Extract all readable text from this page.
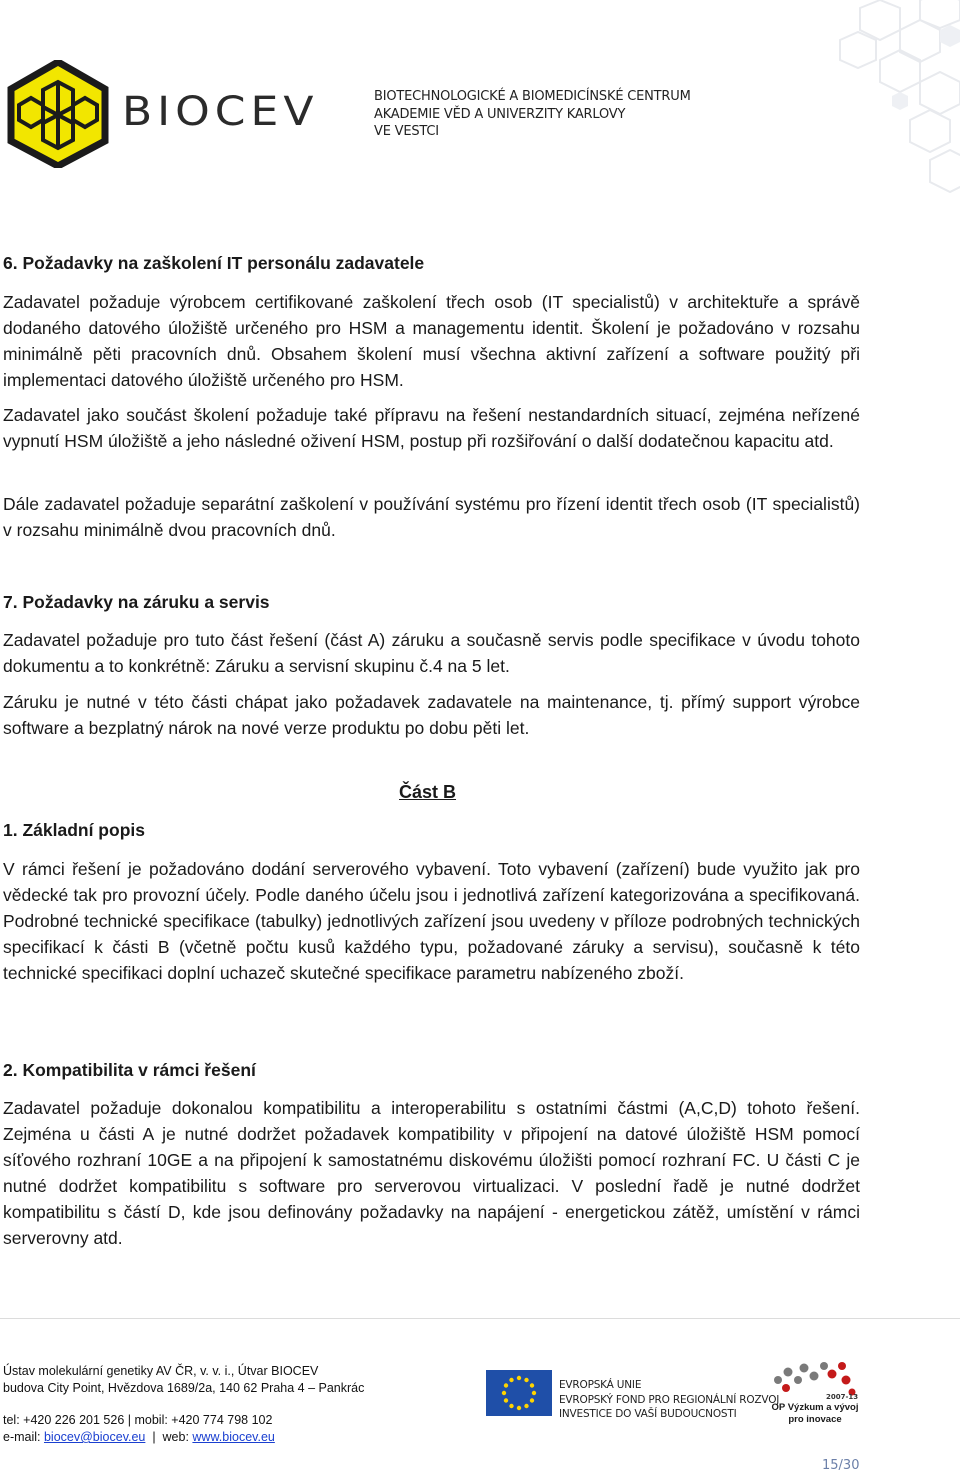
BIOCEV	BIOTECHNOLOGICKÉ A BIOMEDICÍNSKÉ CENTRUM
AKADEMIE VĚD A UNIVERZITY KARLOVY
VE VESTCI
6. Požadavky na zaškolení IT personálu zadavatele

Zadavatel požaduje výrobcem certifikované zaškolení třech osob (IT specialistů) v architektuře a správě dodaného datového úložiště určeného pro HSM a managementu identit. Školení je požadováno v rozsahu minimálně pěti pracovních dnů. Obsahem školení musí všechna aktivní zařízení a software použitý při implementaci datového úložiště určeného pro HSM.

Zadavatel jako součást školení požaduje také přípravu na řešení nestandardních situací, zejména neřízené vypnutí HSM úložiště a jeho následné oživení HSM, postup při rozšiřování o další dodatečnou kapacitu atd.

Dále zadavatel požaduje separátní zaškolení v používání systému pro řízení identit třech osob (IT specialistů) v rozsahu minimálně dvou pracovních dnů.

7. Požadavky na záruku a servis

Zadavatel požaduje pro tuto část řešení (část A) záruku a současně servis podle specifikace v úvodu tohoto dokumentu a to konkrétně: Záruku a servisní skupinu č.4 na 5 let.

Záruku je nutné v této části chápat jako požadavek zadavatele na maintenance, tj. přímý support výrobce software a bezplatný nárok na nové verze produktu po dobu pěti let.

Část B
1. Základní popis

V rámci řešení je požadováno dodání serverového vybavení. Toto vybavení (zařízení) bude využito jak pro vědecké tak pro provozní účely. Podle daného účelu jsou i jednotlivá zařízení kategorizována a specifikovaná. Podrobné technické specifikace (tabulky) jednotlivých zařízení jsou uvedeny v příloze podrobných technických specifikací k části B (včetně počtu kusů každého typu, požadované záruky a servisu), současně k této technické specifikaci doplní uchazeč skutečné specifikace parametru nabízeného zboží.

2. Kompatibilita v rámci řešení

Zadavatel požaduje dokonalou kompatibilitu a interoperabilitu s ostatními částmi (A,C,D) tohoto řešení. Zejména u části A je nutné dodržet požadavek kompatibility v připojení na datové úložiště HSM pomocí síťového rozhraní 10GE a na připojení k samostatnému diskovému úložišti pomocí rozhraní FC. U části C je nutné dodržet kompatibilitu s software pro serverovou virtualizaci. V poslední řadě je nutné dodržet kompatibilitu s částí D, kde jsou definovány požadavky na napájení - energetickou zátěž, umístění v rámci serverovny atd.

Ústav molekulární genetiky AV ČR, v. v. i., Útvar BIOCEV
budova City Point, Hvězdova 1689/2a, 140 62 Praha 4 – Pankrác
tel: +420 226 201 526 | mobil: +420 774 798 102
e-mail: biocev@biocev.eu  |  web: www.biocev.eu
EVROPSKÁ UNIE
EVROPSKÝ FOND PRO REGIONÁLNÍ ROZVOJ
INVESTICE DO VAŠÍ BUDOUCNOSTI
2007-13
OP Výzkum a vývoj
pro inovace
15/30
